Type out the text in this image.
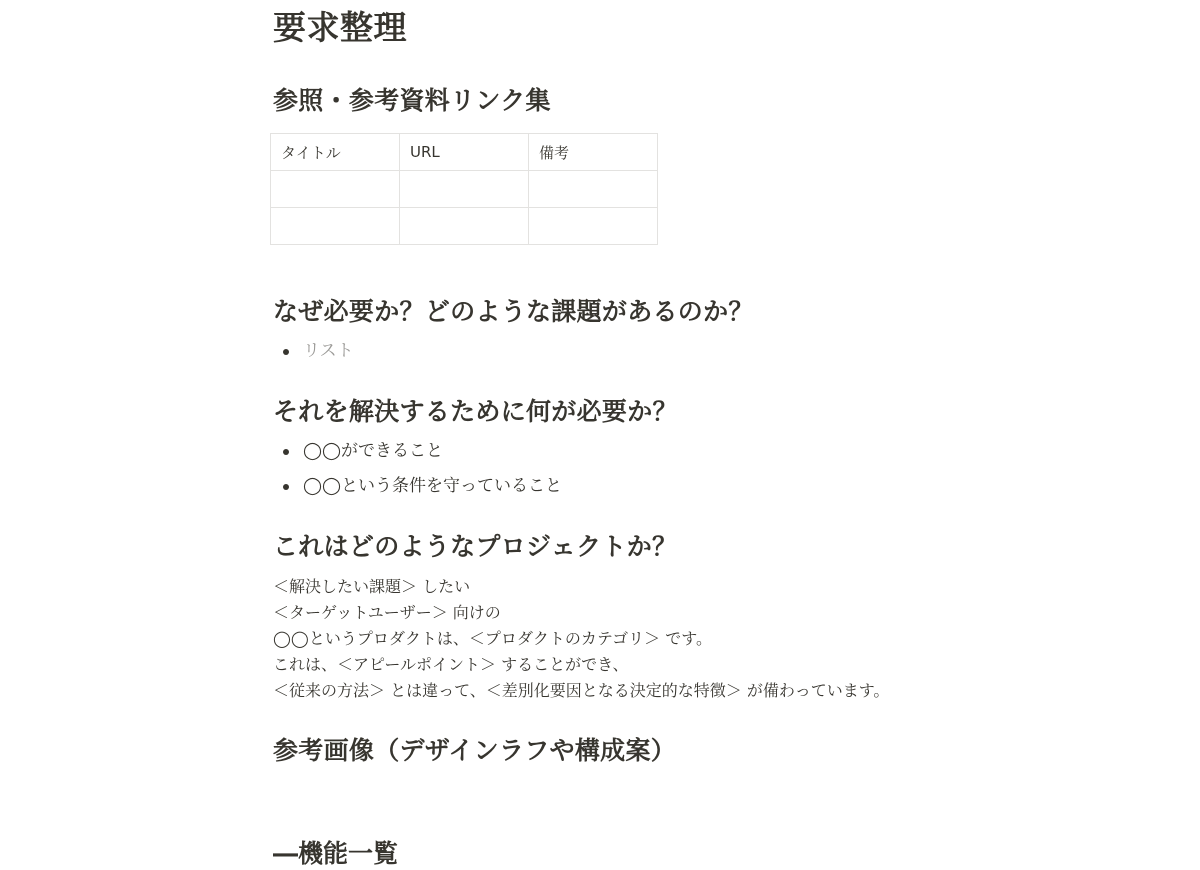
要求整理
参照・参考資料リンク集
タイトル	URL	備考

なぜ必要か？どのような課題があるのか？
リスト
それを解決するために何が必要か？
◯◯ができること
◯◯という条件を守っていること
これはどのようなプロジェクトか？
＜解決したい課題＞ したい
＜ターゲットユーザー＞ 向けの
◯◯というプロダクトは、＜プロダクトのカテゴリ＞ です。
これは、＜アピールポイント＞ することができ、
＜従来の方法＞ とは違って、＜差別化要因となる決定的な特徴＞ が備わっています。
参考画像（デザインラフや構成案）
―機能一覧
